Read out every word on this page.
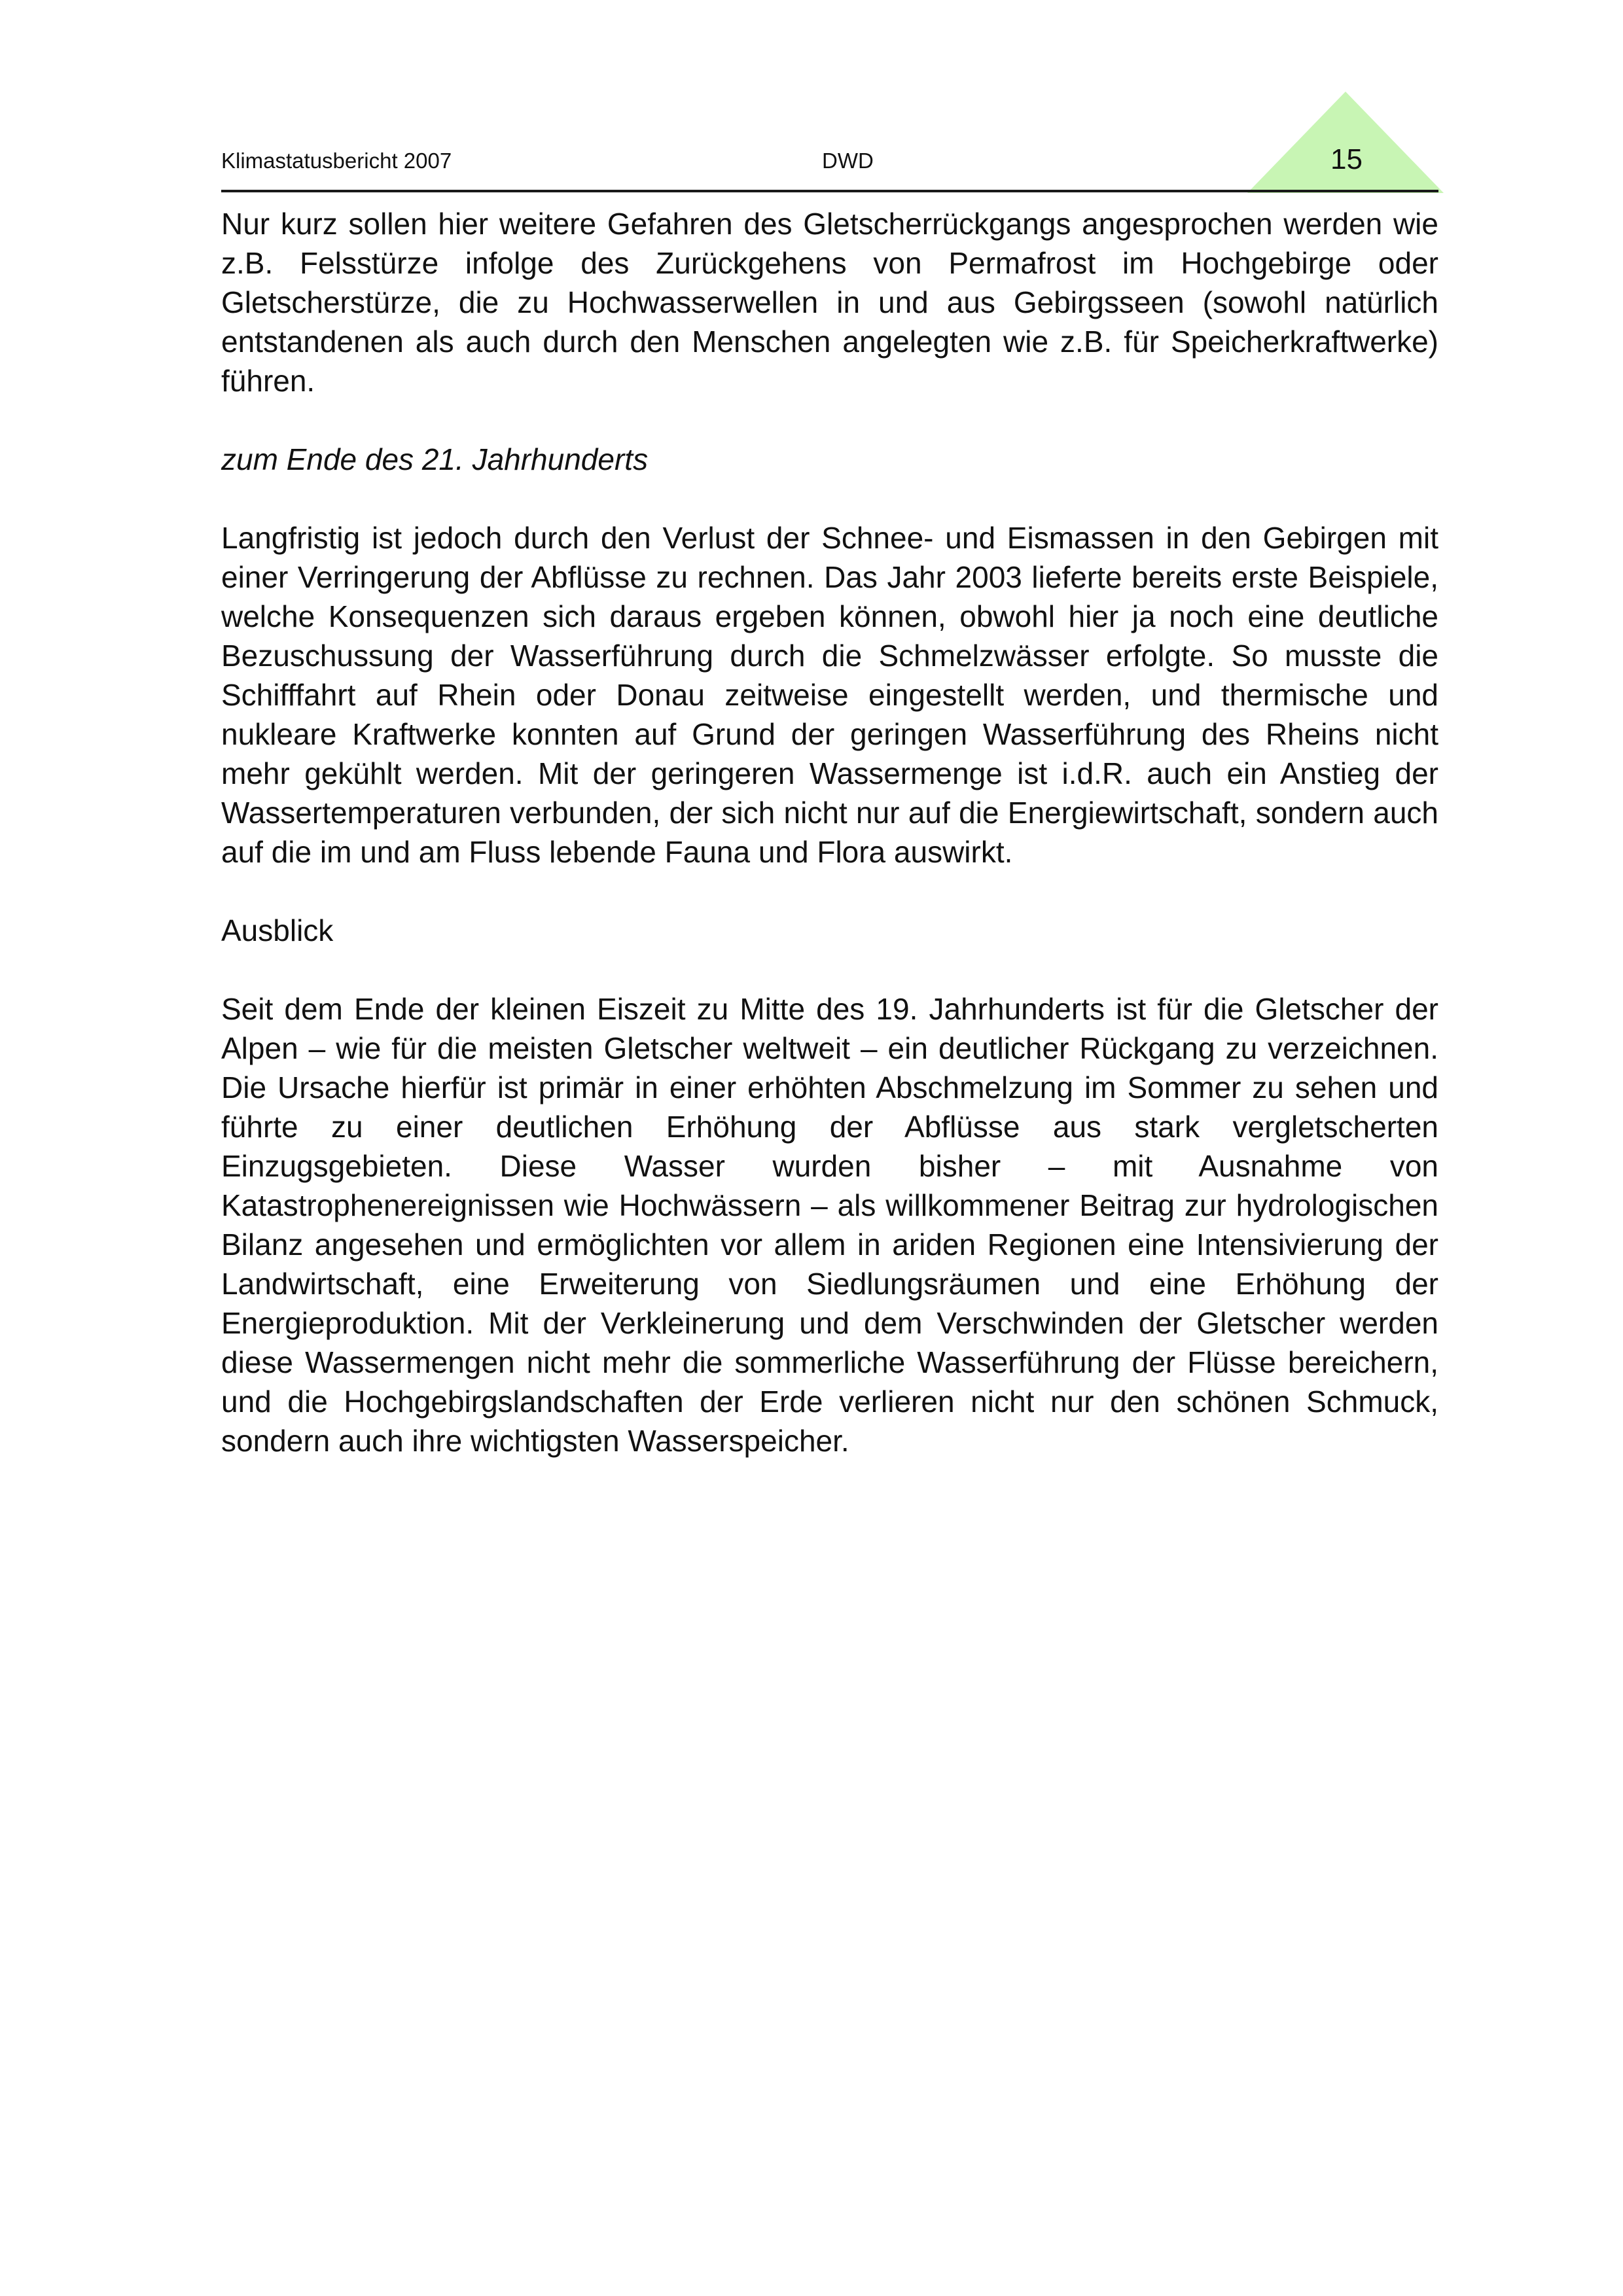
Klimastatusbericht 2007	DWD	15

Nur kurz sollen hier weitere Gefahren des Gletscherrückgangs angesprochen werden wie z.B. Felsstürze infolge des Zurückgehens von Permafrost im Hochgebirge oder Gletscherstürze, die zu Hochwasserwellen in und aus Gebirgsseen (sowohl natürlich entstandenen als auch durch den Menschen angelegten wie z.B. für Speicherkraftwerke) führen.

zum Ende des 21. Jahrhunderts

Langfristig ist jedoch durch den Verlust der Schnee- und Eismassen in den Gebirgen mit einer Verringerung der Abflüsse zu rechnen. Das Jahr 2003 lieferte bereits erste Beispiele, welche Konsequenzen sich daraus ergeben können, obwohl hier ja noch eine deutliche Bezuschussung der Wasserführung durch die Schmelzwässer erfolgte. So musste die Schifffahrt auf Rhein oder Donau zeitweise eingestellt werden, und thermische und nukleare Kraftwerke konnten auf Grund der geringen Wasserführung des Rheins nicht mehr gekühlt werden. Mit der geringeren Wassermenge ist i.d.R. auch ein Anstieg der Wassertemperaturen verbunden, der sich nicht nur auf die Energiewirtschaft, sondern auch auf die im und am Fluss lebende Fauna und Flora auswirkt.

Ausblick

Seit dem Ende der kleinen Eiszeit zu Mitte des 19. Jahrhunderts ist für die Gletscher der Alpen – wie für die meisten Gletscher weltweit – ein deutlicher Rückgang zu verzeichnen. Die Ursache hierfür ist primär in einer erhöhten Abschmelzung im Sommer zu sehen und führte zu einer deutlichen Erhöhung der Abflüsse aus stark vergletscherten Einzugsgebieten. Diese Wasser wurden bisher – mit Ausnahme von Katastrophenereignissen wie Hochwässern – als willkommener Beitrag zur hydrologischen Bilanz angesehen und ermöglichten vor allem in ariden Regionen eine Intensivierung der Landwirtschaft, eine Erweiterung von Siedlungsräumen und eine Erhöhung der Energieproduktion. Mit der Verkleinerung und dem Verschwinden der Gletscher werden diese Wassermengen nicht mehr die sommerliche Wasserführung der Flüsse bereichern, und die Hochgebirgslandschaften der Erde verlieren nicht nur den schönen Schmuck, sondern auch ihre wichtigsten Wasserspeicher.
